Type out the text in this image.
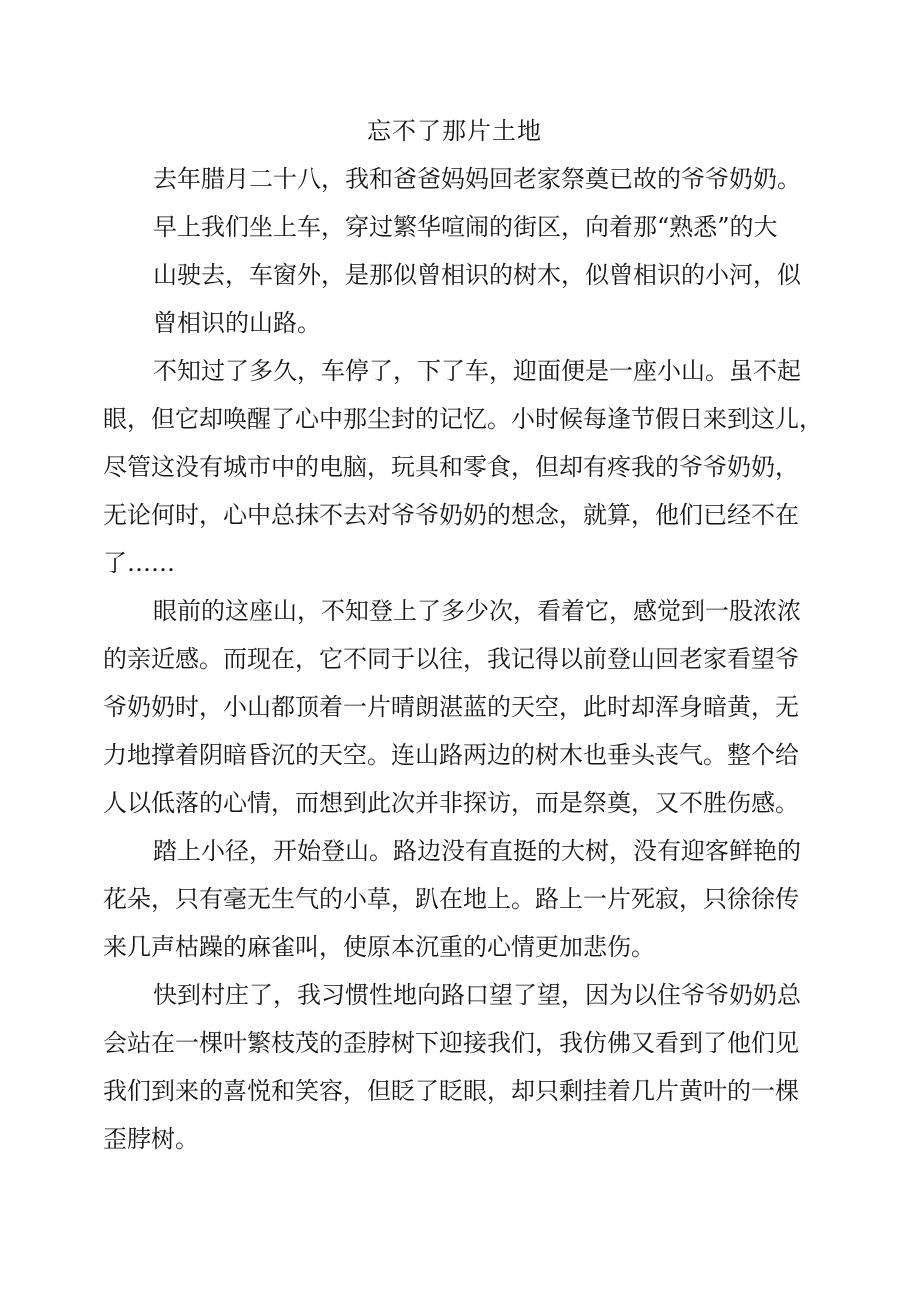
忘不了那片土地
去年腊月二十八，我和爸爸妈妈回老家祭奠已故的爷爷奶奶。
早上我们坐上车，穿过繁华喧闹的街区，向着那“熟悉”的大
山驶去，车窗外，是那似曾相识的树木，似曾相识的小河，似
曾相识的山路。
不知过了多久，车停了，下了车，迎面便是一座小山。虽不起
眼，但它却唤醒了心中那尘封的记忆。小时候每逢节假日来到这儿，
尽管这没有城市中的电脑，玩具和零食，但却有疼我的爷爷奶奶，
无论何时，心中总抹不去对爷爷奶奶的想念，就算，他们已经不在
了……
眼前的这座山，不知登上了多少次，看着它，感觉到一股浓浓
的亲近感。而现在，它不同于以往，我记得以前登山回老家看望爷
爷奶奶时，小山都顶着一片晴朗湛蓝的天空，此时却浑身暗黄，无
力地撑着阴暗昏沉的天空。连山路两边的树木也垂头丧气。整个给
人以低落的心情，而想到此次并非探访，而是祭奠，又不胜伤感。
踏上小径，开始登山。路边没有直挺的大树，没有迎客鲜艳的
花朵，只有毫无生气的小草，趴在地上。路上一片死寂，只徐徐传
来几声枯躁的麻雀叫，使原本沉重的心情更加悲伤。
快到村庄了，我习惯性地向路口望了望，因为以住爷爷奶奶总
会站在一棵叶繁枝茂的歪脖树下迎接我们，我仿佛又看到了他们见
我们到来的喜悦和笑容，但眨了眨眼，却只剩挂着几片黄叶的一棵
歪脖树。
